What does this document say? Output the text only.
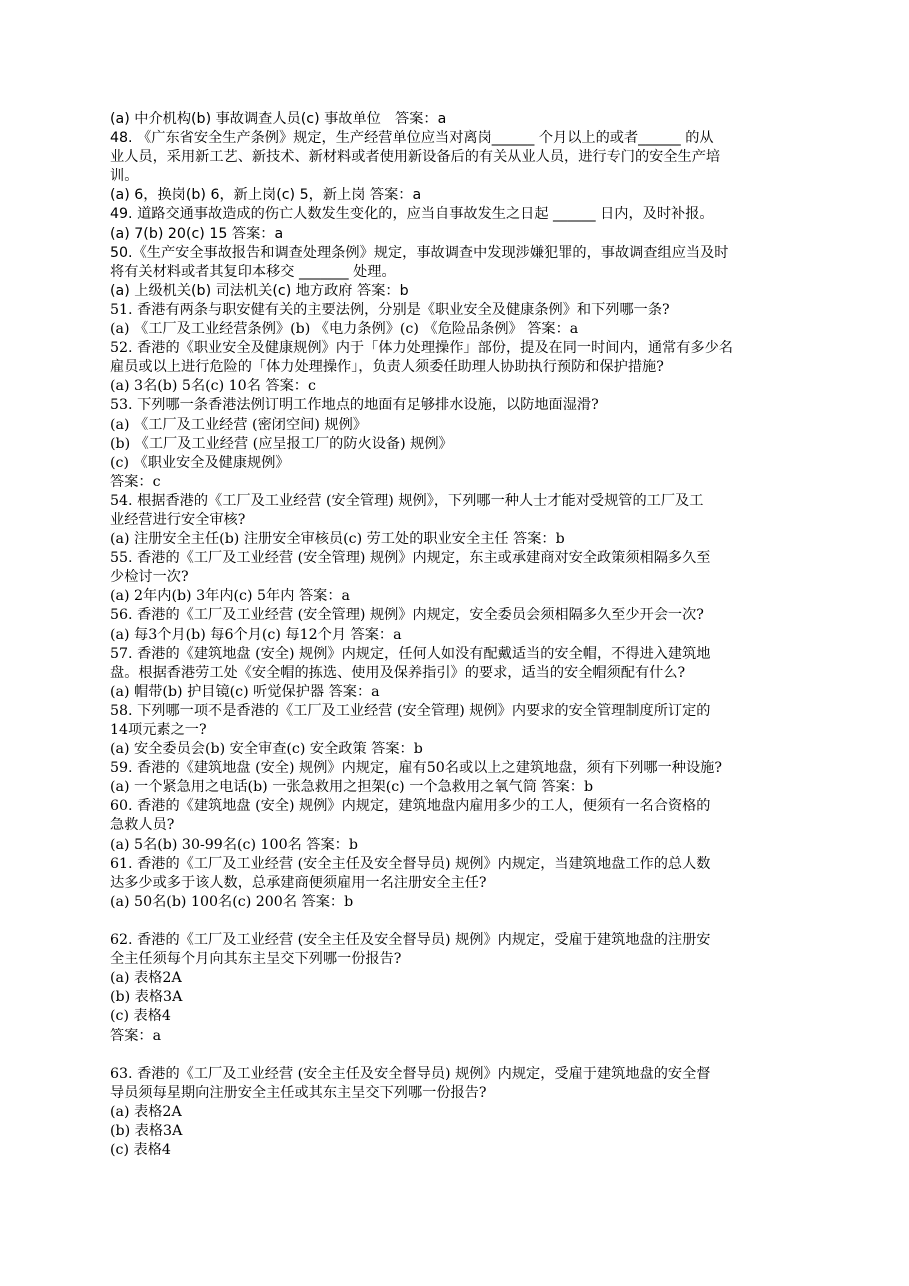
(a) 中介机构(b) 事故调查人员(c) 事故单位　答案：a
48. 《广东省安全生产条例》规定，生产经营单位应当对离岗______ 个月以上的或者______ 的从
业人员，采用新工艺、新技术、新材料或者使用新设备后的有关从业人员，进行专门的安全生产培
训。
(a) 6，换岗(b) 6，新上岗(c) 5，新上岗 答案：a
49. 道路交通事故造成的伤亡人数发生变化的，应当自事故发生之日起 ______ 日内，及时补报。
(a) 7(b) 20(c) 15 答案：a
50.《生产安全事故报告和调查处理条例》规定，事故调查中发现涉嫌犯罪的，事故调查组应当及时
将有关材料或者其复印本移交 _______ 处理。
(a) 上级机关(b) 司法机关(c) 地方政府 答案：b
51. 香港有两条与职安健有关的主要法例，分别是《职业安全及健康条例》和下列哪一条?
(a) 《工厂及工业经营条例》(b) 《电力条例》(c) 《危险品条例》 答案：a
52. 香港的《职业安全及健康规例》内于「体力处理操作」部份，提及在同一时间内，通常有多少名
雇员或以上进行危险的「体力处理操作」，负责人须委任助理人协助执行预防和保护措施?
(a) 3名(b) 5名(c) 10名 答案：c
53. 下列哪一条香港法例订明工作地点的地面有足够排水设施，以防地面湿滑?
(a) 《工厂及工业经营 (密闭空间) 规例》
(b) 《工厂及工业经营 (应呈报工厂的防火设备) 规例》
(c) 《职业安全及健康规例》
答案：c
54. 根据香港的《工厂及工业经营 (安全管理) 规例》，下列哪一种人士才能对受规管的工厂及工
业经营进行安全审核?
(a) 注册安全主任(b) 注册安全审核员(c) 劳工处的职业安全主任 答案：b
55. 香港的《工厂及工业经营 (安全管理) 规例》内规定，东主或承建商对安全政策须相隔多久至
少检讨一次?
(a) 2年内(b) 3年内(c) 5年内 答案：a
56. 香港的《工厂及工业经营 (安全管理) 规例》内规定，安全委员会须相隔多久至少开会一次?
(a) 每3个月(b) 每6个月(c) 每12个月 答案：a
57. 香港的《建筑地盘 (安全) 规例》内规定，任何人如没有配戴适当的安全帽，不得进入建筑地
盘。根据香港劳工处《安全帽的拣选、使用及保养指引》的要求，适当的安全帽须配有什么?
(a) 帽带(b) 护目镜(c) 听觉保护器 答案：a
58. 下列哪一项不是香港的《工厂及工业经营 (安全管理) 规例》内要求的安全管理制度所订定的
14项元素之一?
(a) 安全委员会(b) 安全审查(c) 安全政策 答案：b
59. 香港的《建筑地盘 (安全) 规例》内规定，雇有50名或以上之建筑地盘，须有下列哪一种设施?
(a) 一个紧急用之电话(b) 一张急救用之担架(c) 一个急救用之氧气筒 答案：b
60. 香港的《建筑地盘 (安全) 规例》内规定，建筑地盘内雇用多少的工人，便须有一名合资格的
急救人员?
(a) 5名(b) 30-99名(c) 100名 答案：b
61. 香港的《工厂及工业经营 (安全主任及安全督导员) 规例》内规定，当建筑地盘工作的总人数
达多少或多于该人数，总承建商便须雇用一名注册安全主任?
(a) 50名(b) 100名(c) 200名 答案：b
62. 香港的《工厂及工业经营 (安全主任及安全督导员) 规例》内规定，受雇于建筑地盘的注册安
全主任须每个月向其东主呈交下列哪一份报告?
(a) 表格2A
(b) 表格3A
(c) 表格4
答案：a
63. 香港的《工厂及工业经营 (安全主任及安全督导员) 规例》内规定，受雇于建筑地盘的安全督
导员须每星期向注册安全主任或其东主呈交下列哪一份报告?
(a) 表格2A
(b) 表格3A
(c) 表格4
